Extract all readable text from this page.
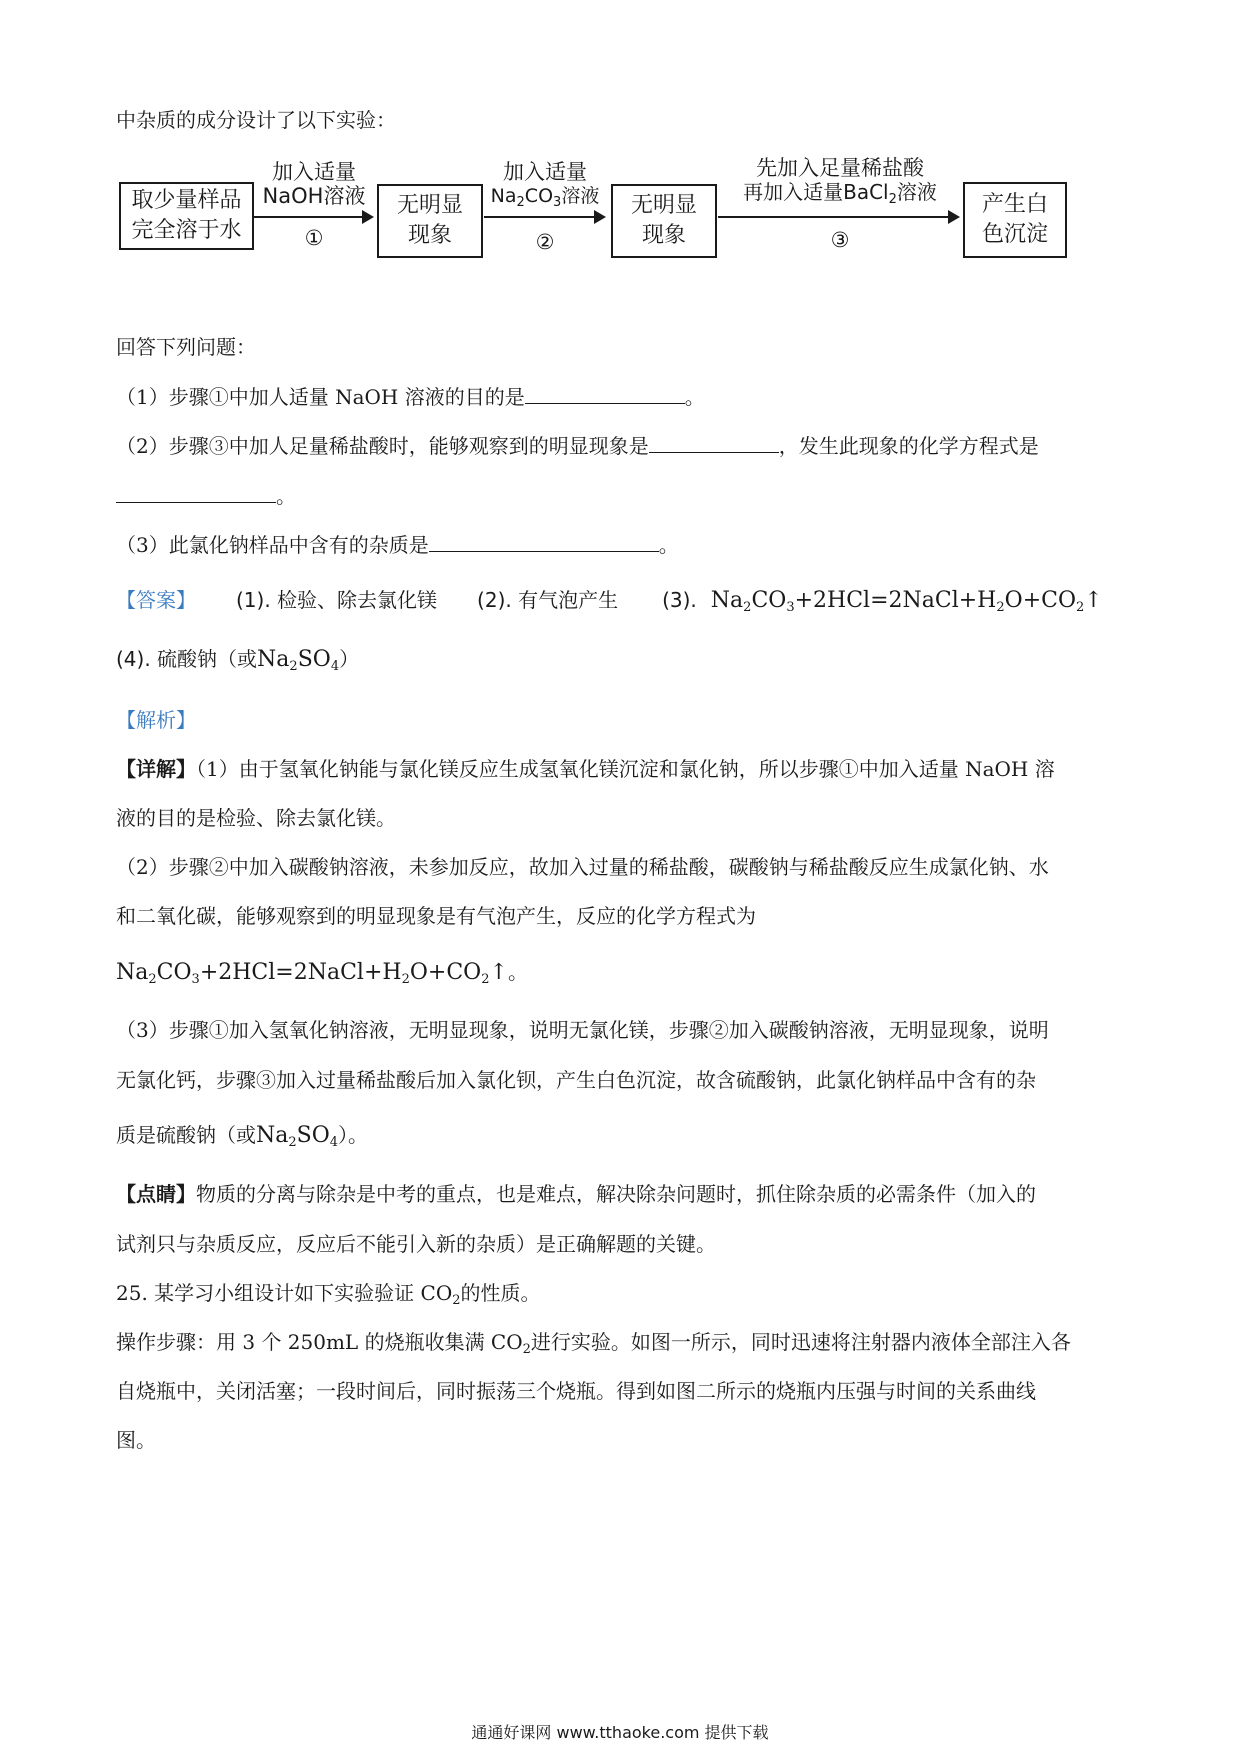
中杂质的成分设计了以下实验：
取少量样品
完全溶于水
加入适量
NaOH溶液
①
无明显
现象
加入适量
$Na_2CO_3$溶液
②
无明显
现象
先加入足量稀盐酸
再加入适量BaCl$_2$溶液
③
产生白
色沉淀
回答下列问题：
（1）步骤①中加人适量 NaOH 溶液的目的是	。
（2）步骤③中加人足量稀盐酸时，能够观察到的明显现象是	，发生此现象的化学方程式是
。
（3）此氯化钠样品中含有的杂质是	。
【答案】 (1). 检验、除去氯化镁 (2). 有气泡产生 (3). $Na_2CO_3+2HCl=2NaCl+H_2O+CO_2↑$
(4). 硫酸钠（或$Na_2SO_4$）
【解析】
【详解】（1）由于氢氧化钠能与氯化镁反应生成氢氧化镁沉淀和氯化钠，所以步骤①中加入适量 NaOH 溶
液的目的是检验、除去氯化镁。
（2）步骤②中加入碳酸钠溶液，未参加反应，故加入过量的稀盐酸，碳酸钠与稀盐酸反应生成氯化钠、水
和二氧化碳，能够观察到的明显现象是有气泡产生，反应的化学方程式为
$Na_2CO_3+2HCl=2NaCl+H_2O+CO_2↑$。
（3）步骤①加入氢氧化钠溶液，无明显现象，说明无氯化镁，步骤②加入碳酸钠溶液，无明显现象，说明
无氯化钙，步骤③加入过量稀盐酸后加入氯化钡，产生白色沉淀，故含硫酸钠，此氯化钠样品中含有的杂
质是硫酸钠（或$Na_2SO_4$）。
【点睛】物质的分离与除杂是中考的重点，也是难点，解决除杂问题时，抓住除杂质的必需条件（加入的
试剂只与杂质反应，反应后不能引入新的杂质）是正确解题的关键。
25. 某学习小组设计如下实验验证 $CO_2$的性质。
操作步骤：用 3 个 250mL 的烧瓶收集满 $CO_2$进行实验。如图一所示，同时迅速将注射器内液体全部注入各
自烧瓶中，关闭活塞；一段时间后，同时振荡三个烧瓶。得到如图二所示的烧瓶内压强与时间的关系曲线
图。
通通好课网 www.tthaoke.com 提供下载
